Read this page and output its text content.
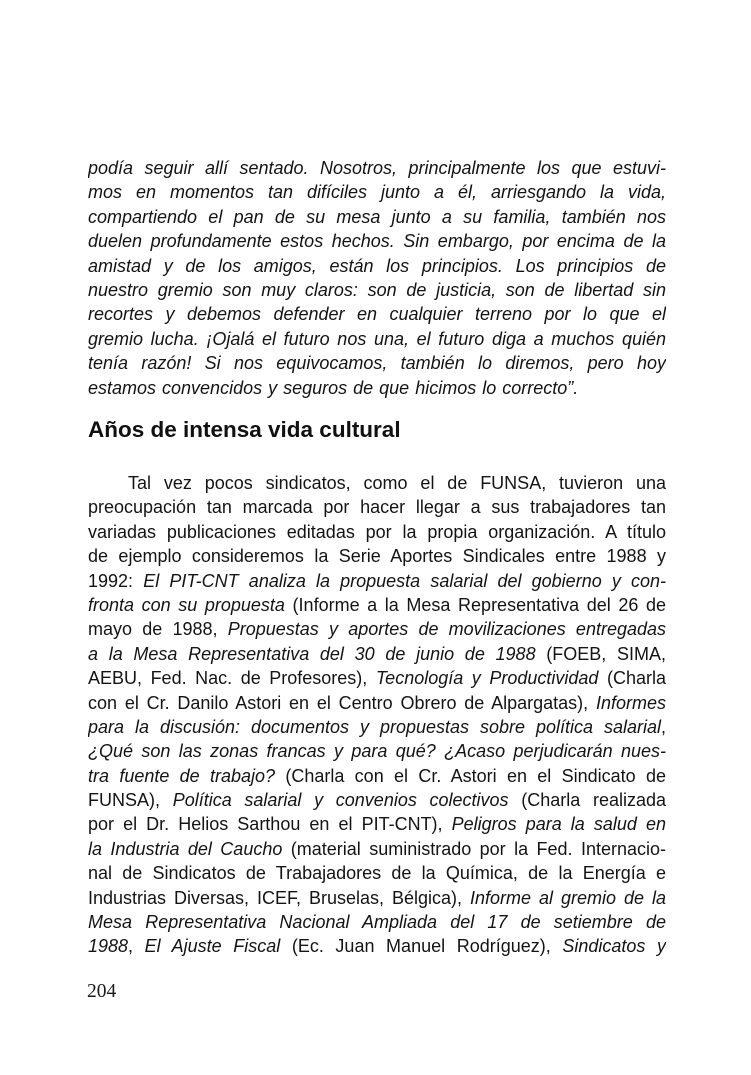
podía seguir allí sentado. Nosotros, principalmente los que estuvi-
mos en momentos tan difíciles junto a él, arriesgando la vida,
compartiendo el pan de su mesa junto a su familia, también nos
duelen profundamente estos hechos. Sin embargo, por encima de la
amistad y de los amigos, están los principios. Los principios de
nuestro gremio son muy claros: son de justicia, son de libertad sin
recortes y debemos defender en cualquier terreno por lo que el
gremio lucha. ¡Ojalá el futuro nos una, el futuro diga a muchos quién
tenía razón! Si nos equivocamos, también lo diremos, pero hoy
estamos convencidos y seguros de que hicimos lo correcto”.
Años de intensa vida cultural
Tal vez pocos sindicatos, como el de FUNSA, tuvieron una
preocupación tan marcada por hacer llegar a sus trabajadores tan
variadas publicaciones editadas por la propia organización. A título
de ejemplo consideremos la Serie Aportes Sindicales entre 1988 y
1992: El PIT-CNT analiza la propuesta salarial del gobierno y con-
fronta con su propuesta (Informe a la Mesa Representativa del 26 de
mayo de 1988, Propuestas y aportes de movilizaciones entregadas
a la Mesa Representativa del 30 de junio de 1988 (FOEB, SIMA,
AEBU, Fed. Nac. de Profesores), Tecnología y Productividad (Charla
con el Cr. Danilo Astori en el Centro Obrero de Alpargatas), Informes
para la discusión: documentos y propuestas sobre política salarial,
¿Qué son las zonas francas y para qué? ¿Acaso perjudicarán nues-
tra fuente de trabajo? (Charla con el Cr. Astori en el Sindicato de
FUNSA), Política salarial y convenios colectivos (Charla realizada
por el Dr. Helios Sarthou en el PIT-CNT), Peligros para la salud en
la Industria del Caucho (material suministrado por la Fed. Internacio-
nal de Sindicatos de Trabajadores de la Química, de la Energía e
Industrias Diversas, ICEF, Bruselas, Bélgica), Informe al gremio de la
Mesa Representativa Nacional Ampliada del 17 de setiembre de
1988, El Ajuste Fiscal (Ec. Juan Manuel Rodríguez), Sindicatos y
204
